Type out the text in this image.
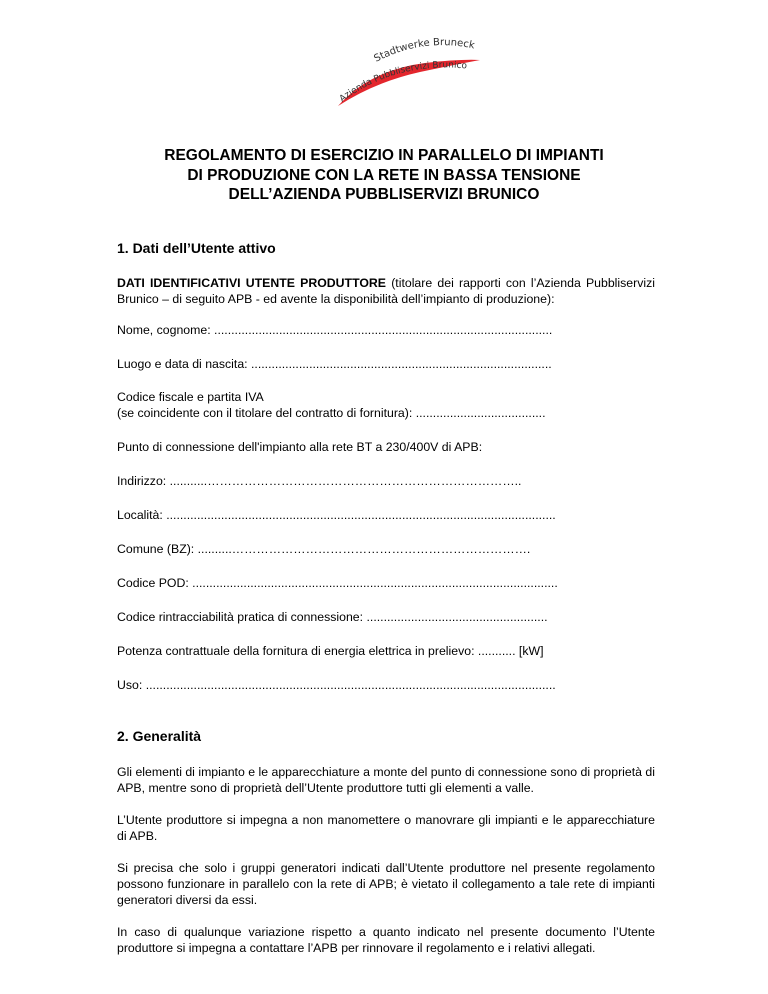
Stadtwerke Bruneck
Azienda Pubbliservizi Brunico
REGOLAMENTO DI ESERCIZIO IN PARALLELO DI IMPIANTI
DI PRODUZIONE CON LA RETE IN BASSA TENSIONE
DELL’AZIENDA PUBBLISERVIZI BRUNICO
1. Dati dell’Utente attivo
DATI IDENTIFICATIVI UTENTE PRODUTTORE (titolare dei rapporti con l’Azienda Pubbliservizi Brunico – di seguito APB - ed avente la disponibilità dell’impianto di produzione):
Nome, cognome: ...................................................................................................
Luogo e data di nascita: ........................................................................................
Codice fiscale e partita IVA
(se coincidente con il titolare del contratto di fornitura): ......................................
Punto di connessione dell'impianto alla rete BT a 230/400V di APB:
Indirizzo: ...........…………………………………………………………………..
Località: ..................................................................................................................
Comune (BZ): ..........……………………………………………………………….
Codice POD: ...........................................................................................................
Codice rintracciabilità pratica di connessione: .....................................................
Potenza contrattuale della fornitura di energia elettrica in prelievo: ........... [kW]
Uso: ........................................................................................................................
2. Generalità
Gli elementi di impianto e le apparecchiature a monte del punto di connessione sono di proprietà di APB, mentre sono di proprietà dell’Utente produttore tutti gli elementi a valle.
L’Utente produttore si impegna a non manomettere o manovrare gli impianti e le apparecchiature di APB.
Si precisa che solo i gruppi generatori indicati dall’Utente produttore nel presente regolamento possono funzionare in parallelo con la rete di APB; è vietato il collegamento a tale rete di impianti generatori diversi da essi.
In caso di qualunque variazione rispetto a quanto indicato nel presente documento l’Utente produttore si impegna a contattare l’APB per rinnovare il regolamento e i relativi allegati.
